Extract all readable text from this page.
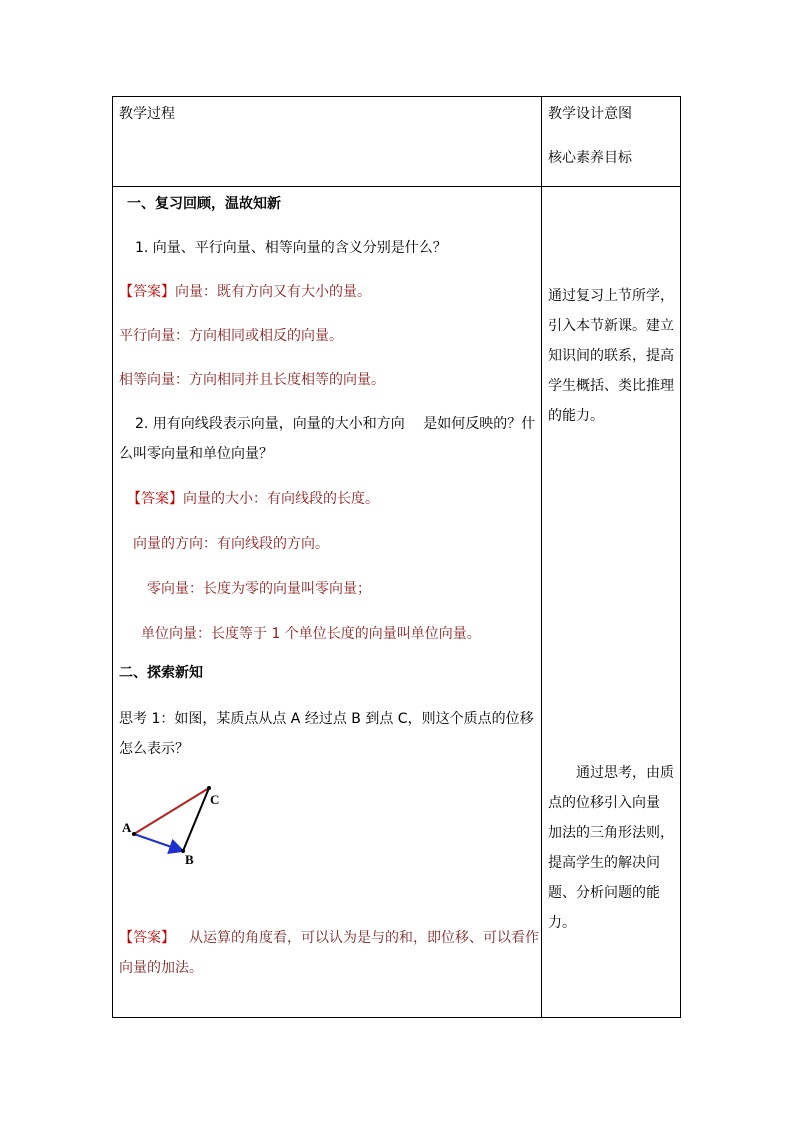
教学过程	教学设计意图
核心素养目标
一、复习回顾，温故知新
1. 向量、平行向量、相等向量的含义分别是什么？
【答案】向量：既有方向又有大小的量。
平行向量：方向相同或相反的向量。
相等向量：方向相同并且长度相等的向量。
2. 用有向线段表示向量，向量的大小和方向　 是如何反映的？什
么叫零向量和单位向量？
【答案】向量的大小：有向线段的长度。
向量的方向：有向线段的方向。
零向量：长度为零的向量叫零向量；
单位向量：长度等于 1 个单位长度的向量叫单位向量。
二、探索新知
思考 1：如图，某质点从点 A 经过点 B 到点 C，则这个质点的位移
怎么表示？
A
B
C
【答案】 从运算的角度看，可以认为是与的和，即位移、可以看作
向量的加法。
通过复习上节所学，
引入本节新课。建立
知识间的联系，提高
学生概括、类比推理
的能力。
　　通过思考，由质
点的位移引入向量
加法的三角形法则，
提高学生的解决问
题、分析问题的能力。
